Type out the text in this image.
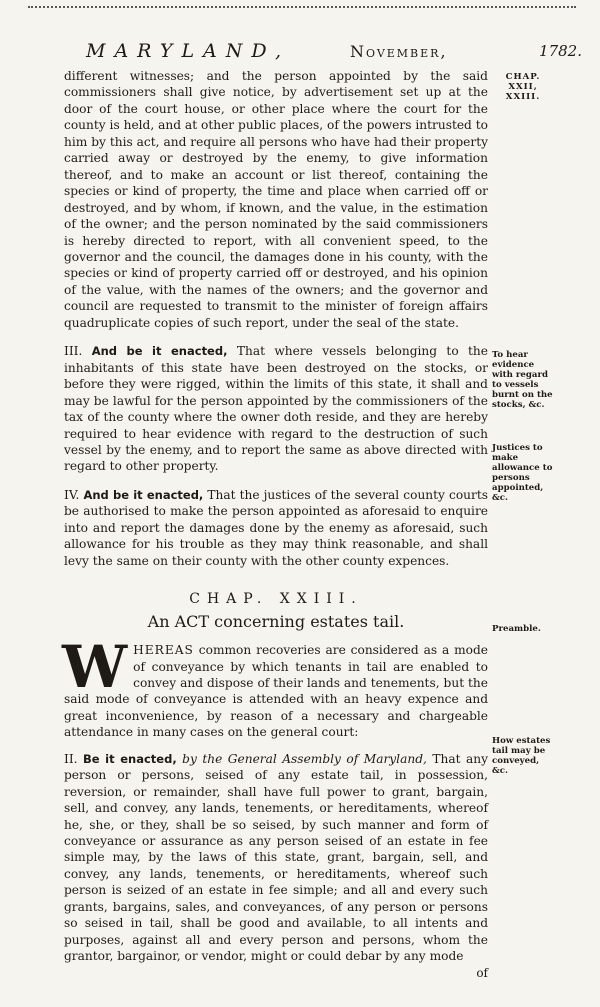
MARYLAND,	November,	1782.
CHAP. XXII, XXIII.
To hear evidence with regard to vessels burnt on the stocks, &c.
Justices to make allowance to persons appointed, &c.
Preamble.
How estates tail may be conveyed, &c.

different witnesses; and the person appointed by the said commissioners shall give notice, by advertisement set up at the door of the court house, or other place where the court for the county is held, and at other public places, of the powers intrusted to him by this act, and require all persons who have had their property carried away or destroyed by the enemy, to give information thereof, and to make an account or list thereof, containing the species or kind of property, the time and place when carried off or destroyed, and by whom, if known, and the value, in the estimation of the owner; and the person nominated by the said commissioners is hereby directed to report, with all convenient speed, to the governor and the council, the damages done in his county, with the species or kind of property carried off or destroyed, and his opinion of the value, with the names of the owners; and the governor and council are requested to transmit to the minister of foreign affairs quadruplicate copies of such report, under the seal of the state.

III. And be it enacted, That where vessels belonging to the inhabitants of this state have been destroyed on the stocks, or before they were rigged, within the limits of this state, it shall and may be lawful for the person appointed by the commissioners of the tax of the county where the owner doth reside, and they are hereby required to hear evidence with regard to the destruction of such vessel by the enemy, and to report the same as above directed with regard to other property.

IV. And be it enacted, That the justices of the several county courts be authorised to make the person appointed as aforesaid to enquire into and report the damages done by the enemy as aforesaid, such allowance for his trouble as they may think reasonable, and shall levy the same on their county with the other county expences.

CHAP. XXIII.

An ACT concerning estates tail.

W HEREAS common recoveries are considered as a mode of conveyance by which tenants in tail are enabled to convey and dispose of their lands and tenements, but the said mode of conveyance is attended with an heavy expence and great inconvenience, by reason of a necessary and chargeable attendance in many cases on the general court:

II. Be it enacted, by the General Assembly of Maryland, That any person or persons, seised of any estate tail, in possession, reversion, or remainder, shall have full power to grant, bargain, sell, and convey, any lands, tenements, or hereditaments, whereof he, she, or they, shall be so seised, by such manner and form of conveyance or assurance as any person seised of an estate in fee simple may, by the laws of this state, grant, bargain, sell, and convey, any lands, tenements, or hereditaments, whereof such person is seized of an estate in fee simple; and all and every such grants, bargains, sales, and conveyances, of any person or persons so seised in tail, shall be good and available, to all intents and purposes, against all and every person and persons, whom the grantor, bargainor, or vendor, might or could debar by any mode

of
